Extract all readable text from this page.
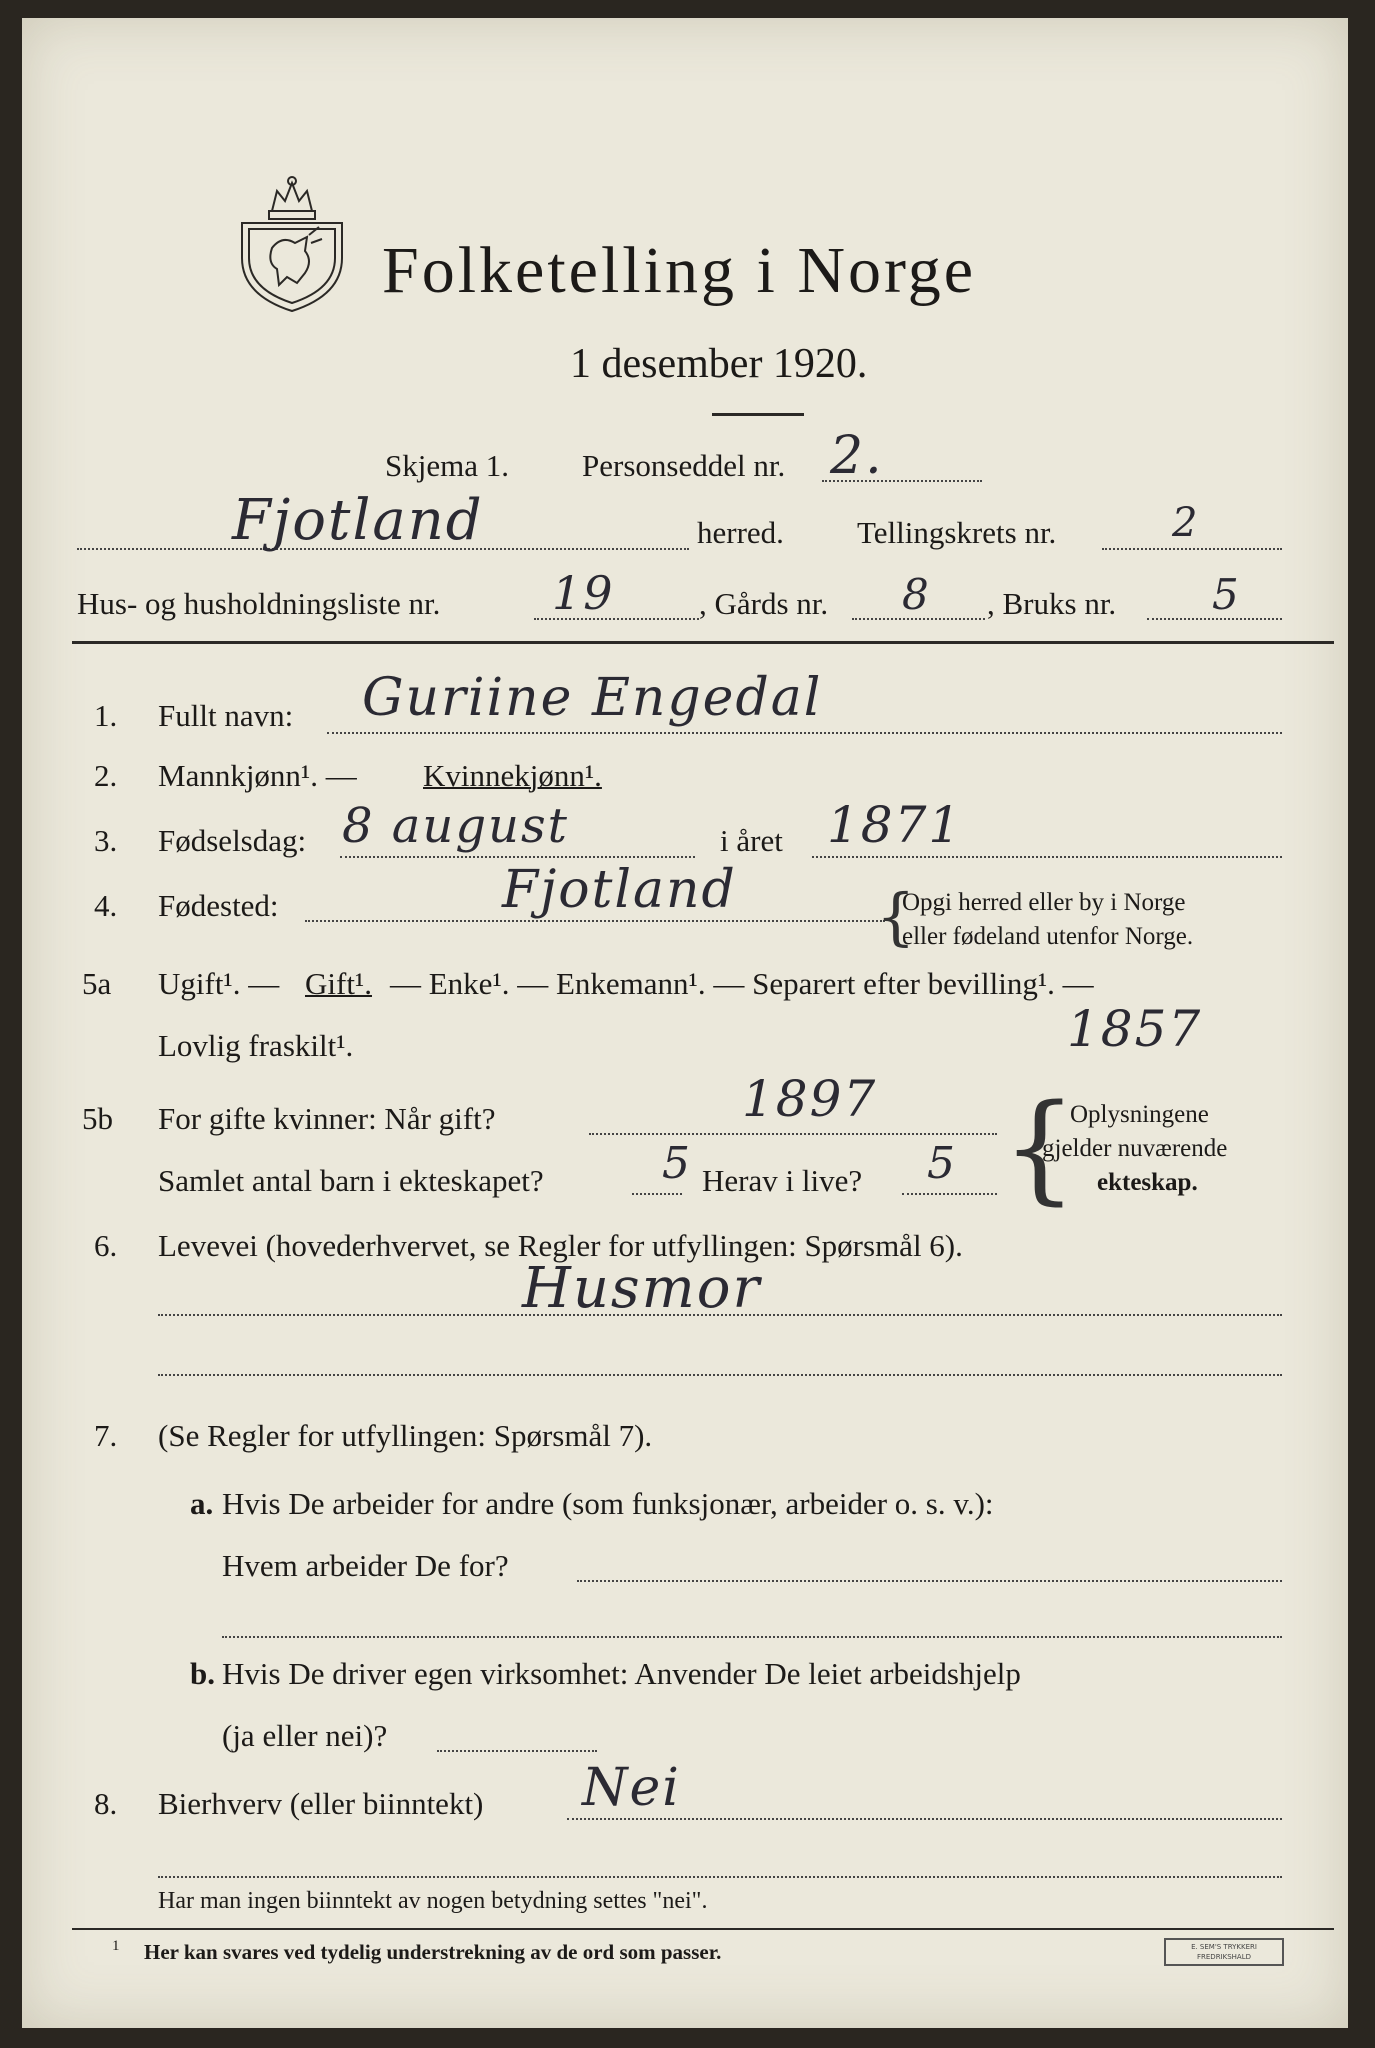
Folketelling i Norge
1 desember 1920.
Skjema 1. Personseddel nr. 2.
Fjotland	herred. Tellingskrets nr.	2
Hus- og husholdningsliste nr. 19	, Gårds nr. 8 , Bruks nr. 5
1. Fullt navn: Guriine Engedal
2. Mannkjønn¹. — Kvinnekjønn¹.
3. Fødselsdag: 8 august	i året 1871
4. Fødested:	Fjotland {
Opgi herred eller by i Norge
eller fødeland utenfor Norge.
5a Ugift¹. — Gift¹. — Enke¹. — Enkemann¹. — Separert efter bevilling¹. —
Lovlig fraskilt¹.	1857
5b For gifte kvinner: Når gift?	1897
Samlet antal barn i ekteskapet?	5 Herav i live? 5 {
Oplysningene
gjelder nuværende
ekteskap.
6. Levevei (hovederhvervet, se Regler for utfyllingen: Spørsmål 6).
Husmor
7. (Se Regler for utfyllingen: Spørsmål 7).
a. Hvis De arbeider for andre (som funksjonær, arbeider o. s. v.):
Hvem arbeider De for?
b. Hvis De driver egen virksomhet: Anvender De leiet arbeidshjelp
(ja eller nei)?
8. Bierhverv (eller biinntekt) Nei
Har man ingen biinntekt av nogen betydning settes "nei".
1 Her kan svares ved tydelig understrekning av de ord som passer.	E. SEM'S TRYKKERI
FREDRIKSHALD
